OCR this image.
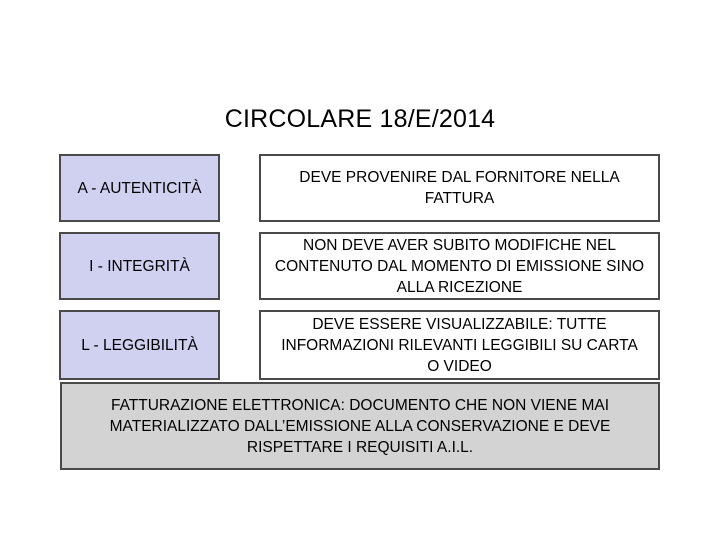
CIRCOLARE 18/E/2014
A - AUTENTICITÀ
DEVE PROVENIRE DAL FORNITORE NELLA FATTURA
I - INTEGRITÀ
NON DEVE AVER SUBITO MODIFICHE NEL CONTENUTO DAL MOMENTO DI EMISSIONE SINO ALLA RICEZIONE
L - LEGGIBILITÀ
DEVE ESSERE VISUALIZZABILE: TUTTE INFORMAZIONI RILEVANTI LEGGIBILI SU CARTA O VIDEO
FATTURAZIONE ELETTRONICA: DOCUMENTO CHE NON VIENE MAI MATERIALIZZATO DALL’EMISSIONE ALLA CONSERVAZIONE E DEVE RISPETTARE I REQUISITI A.I.L.
